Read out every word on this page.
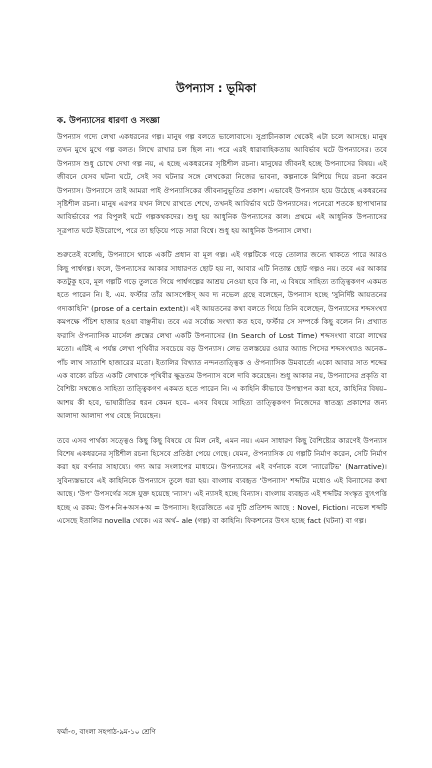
উপন্যাস : ভূমিকা
ক. উপন্যাসের ধারণা ও সংজ্ঞা

উপন্যাস গদ্যে লেখা একধরনের গল্প। মানুষ গল্প বলতে ভালোবাসে। সুপ্রাচীনকাল থেকেই এটা চলে আসছে। মানুষ তখন মুখে মুখে গল্প বলত। লিখে রাখার চল ছিল না। পরে এরই ধারাবাহিকতায় আবির্ভাব ঘটে উপন্যাসের। তবে উপন্যাস শুধু চোখে দেখা গল্প নয়, এ হচ্ছে একধরনের সৃষ্টিশীল রচনা। মানুষের জীবনই হচ্ছে উপন্যাসের বিষয়। এই জীবনে যেসব ঘটনা ঘটে, সেই সব ঘটনার সঙ্গে লেখকেরা নিজের ভাবনা, কল্পনাকে মিশিয়ে দিয়ে রচনা করেন উপন্যাস। উপন্যাসে তাই আমরা পাই ঔপন্যাসিকের জীবনানুভূতির প্রকাশ। এভাবেই উপন্যাস হয়ে উঠেছে একধরনের সৃষ্টিশীল রচনা। মানুষ এরপর যখন লিখে রাখতে শেখে, তখনই আবির্ভাব ঘটে উপন্যাসের। পনেরো শতকে ছাপাখানার আবির্ভাবের পর বিপুলই ঘটে গল্পকথকদের। শুধু হয় আধুনিক উপন্যাসের কাল। প্রথমে এই আধুনিক উপন্যাসের সূত্রপাত ঘটে ইউরোপে, পরে তা ছড়িয়ে পড়ে সারা বিশ্বে। শুধু হয় আধুনিক উপন্যাস লেখা।

শুরুতেই বলেছি, উপন্যাসে থাকে একটি প্রধান বা মূল গল্প। এই গল্পটিকে গড়ে তোলার জন্যে থাকতে পারে আরও কিছু পার্শ্বগল্প। ফলে, উপন্যাসের আকার সাধারণত ছোট হয় না, আবার এটি নিতান্ত ছোট গল্পও নয়। তবে এর আকার কতটুকু হবে, মূল গল্পটি গড়ে তুলতে গিয়ে পার্শ্বগল্পের আশ্রয় নেওয়া হবে কি না, এ বিষয়ে সাহিত্য তাত্ত্বিকগণ একমত হতে পারেন নি। ই. এম. ফর্স্টার তাঁর আসপেক্টস্ অব দ্য নভেল গ্রন্থে বলেছেন, উপন্যাস হচ্ছে 'সুনির্দিষ্ট আয়তনের গদ্যকাহিনি' (prose of a certain extent)। এই আয়তনের কথা বলতে গিয়ে তিনি বলেছেন, উপন্যাসের শব্দসংখ্যা কমপক্ষে পঁচিশ হাজার হওয়া বাঞ্ছনীয়। তবে এর সর্বোচ্চ সংখ্যা কত হবে, ফর্স্টার সে সম্পর্কে কিছু বলেন নি। প্রখ্যাত ফরাসি ঔপন্যাসিক মার্সেল প্রুস্তের লেখা একটি উপন্যাসের (In Search of Lost Time) শব্দসংখ্যা বারো লাখের মতো। এটিই এ পর্যন্ত লেখা পৃথিবীর সবচেয়ে বড় উপন্যাস। লেভ তলস্তয়ের ওয়ার অ্যান্ড পিসের শব্দসংখ্যাও অনেক– পাঁচ লাখ সাতাশি হাজারের মতো। ইতালির বিখ্যাত নন্দনতাত্ত্বিক ও ঔপন্যাসিক উমবার্তো একো আবার সাত শব্দের এক বাক্যে রচিত একটি লেখাকে পৃথিবীর ক্ষুদ্রতম উপন্যাস বলে দাবি করেছেন। শুধু আকার নয়, উপন্যাসের প্রকৃতি বা বৈশিষ্ট্য সম্বন্ধেও সাহিত্য তাত্ত্বিকগণ একমত হতে পারেন নি। এ কাহিনি কীভাবে উপস্থাপন করা হবে, কাহিনির বিষয়–আশয় কী হবে, ভাষারীতির ধরন কেমন হবে– এসব বিষয়ে সাহিত্য তাত্ত্বিকগণ নিজেদের স্বাতন্ত্র্য প্রকাশের জন্য আলাদা আলাদা পথ বেছে নিয়েছেন।

তবে এসব পার্থক্য সত্ত্বেও কিছু কিছু বিষয়ে যে মিল নেই, এমন নয়। এমন সাধারণ কিছু বৈশিষ্ট্যের কারণেই উপন্যাস বিশেষ একধরনের সৃষ্টিশীল রচনা হিসেবে প্রতিষ্ঠা পেয়ে গেছে। যেমন, ঔপন্যাসিক যে গল্পটি নির্মাণ করেন, সেটি নির্মাণ করা হয় বর্ণনার সাহায্যে। গদ্য আর সংলাপের মাধ্যমে। উপন্যাসের এই বর্ণনাকে বলে 'ন্যারেটিভ' (Narrative)। সুবিন্যস্তভাবে এই কাহিনিকে উপন্যাসে তুলে ধরা হয়। বাংলায় ব্যবহৃত 'উপন্যাস' শব্দটির মধ্যেও এই বিন্যাসের কথা আছে। 'উপ' উপসর্গের সঙ্গে যুক্ত হয়েছে 'ন্যাস'। এই ন্যাসই হচ্ছে বিন্যাস। বাংলায় ব্যবহৃত এই শব্দটির সংস্কৃত ব্যুৎপত্তি হচ্ছে এ রকম: উপ+নি+অস+অ = উপন্যাস। ইংরেজিতে এর দুটি প্রতিশব্দ আছে : Novel, Fiction। নভেল শব্দটি এসেছে ইতালির novella থেকে। এর অর্থ– ale (গল্প) বা কাহিনি। ফিকশনের উৎস হচ্ছে fact (ঘটনা) বা গল্প।

ফর্মা-৩, বাংলা সহপাঠ-৯ম-১০ শ্রেণি
